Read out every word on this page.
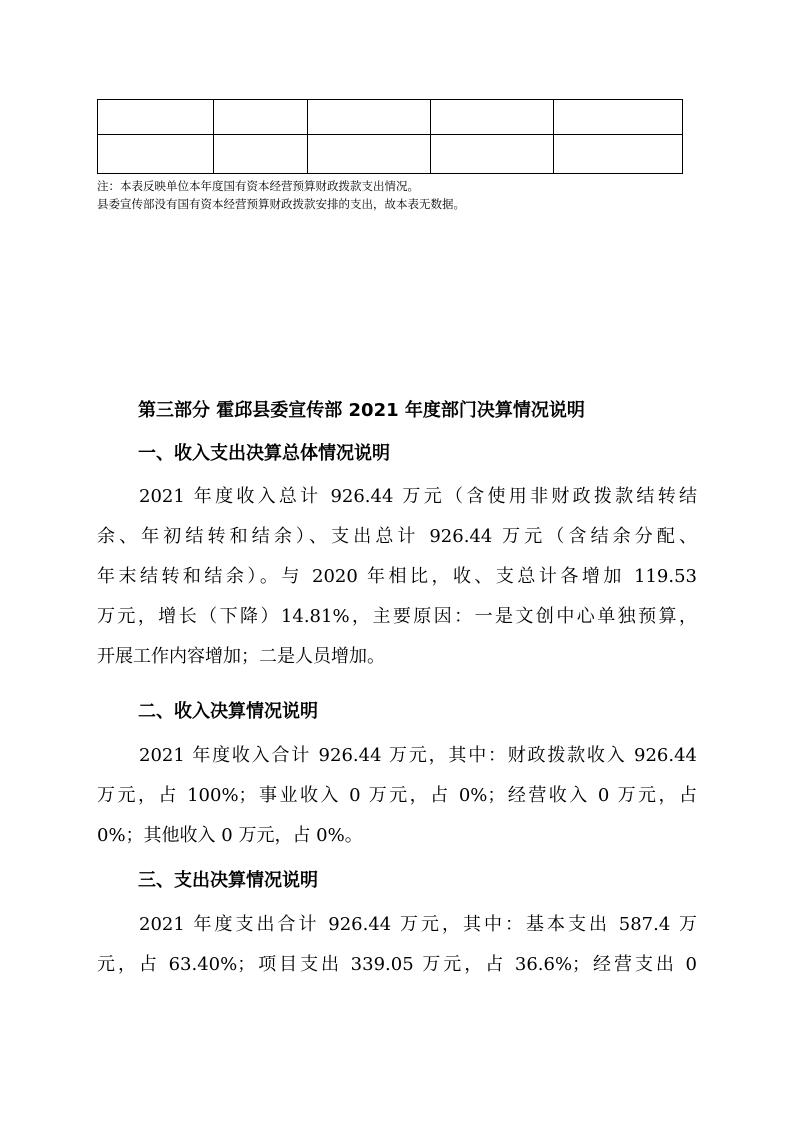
注：本表反映单位本年度国有资本经营预算财政拨款支出情况。
县委宣传部没有国有资本经营预算财政拨款安排的支出，故本表无数据。
第三部分 霍邱县委宣传部 2021 年度部门决算情况说明
一、收入支出决算总体情况说明
2021 年度收入总计 926.44 万元（含使用非财政拨款结转结
余、年初结转和结余）、支出总计 926.44 万元（含结余分配、
年末结转和结余）。与 2020 年相比，收、支总计各增加 119.53
万元，增长（下降）14.81%，主要原因：一是文创中心单独预算，
开展工作内容增加；二是人员增加。
二、收入决算情况说明
2021 年度收入合计 926.44 万元，其中：财政拨款收入 926.44
万元，占 100%；事业收入 0 万元，占 0%；经营收入 0 万元，占
0%；其他收入 0 万元，占 0%。
三、支出决算情况说明
2021 年度支出合计 926.44 万元，其中：基本支出 587.4 万
元，占 63.40%；项目支出 339.05 万元，占 36.6%；经营支出 0
